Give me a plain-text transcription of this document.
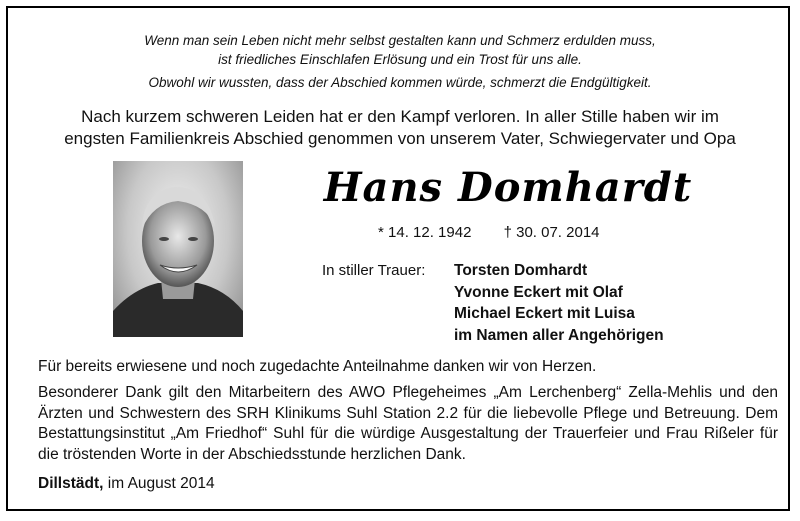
Wenn man sein Leben nicht mehr selbst gestalten kann und Schmerz erdulden muss,
ist friedliches Einschlafen Erlösung und ein Trost für uns alle.
Obwohl wir wussten, dass der Abschied kommen würde, schmerzt die Endgültigkeit.
Nach kurzem schweren Leiden hat er den Kampf verloren. In aller Stille haben wir im
engsten Familienkreis Abschied genommen von unserem Vater, Schwiegervater und Opa
Hans Domhardt
* 14. 12. 1942 † 30. 07. 2014
In stiller Trauer: Torsten Domhardt
Yvonne Eckert mit Olaf
Michael Eckert mit Luisa
im Namen aller Angehörigen
Für bereits erwiesene und noch zugedachte Anteilnahme danken wir von Herzen.
Besonderer Dank gilt den Mitarbeitern des AWO Pflegeheimes „Am Lerchenberg“ Zella-Mehlis und den Ärzten und Schwestern des SRH Klinikums Suhl Station 2.2 für die liebevolle Pflege und Betreuung. Dem Bestattungsinstitut „Am Friedhof“ Suhl für die würdige Ausgestaltung der Trauerfeier und Frau Rißeler für die tröstenden Worte in der Abschiedsstunde herzlichen Dank.
Dillstädt, im August 2014
